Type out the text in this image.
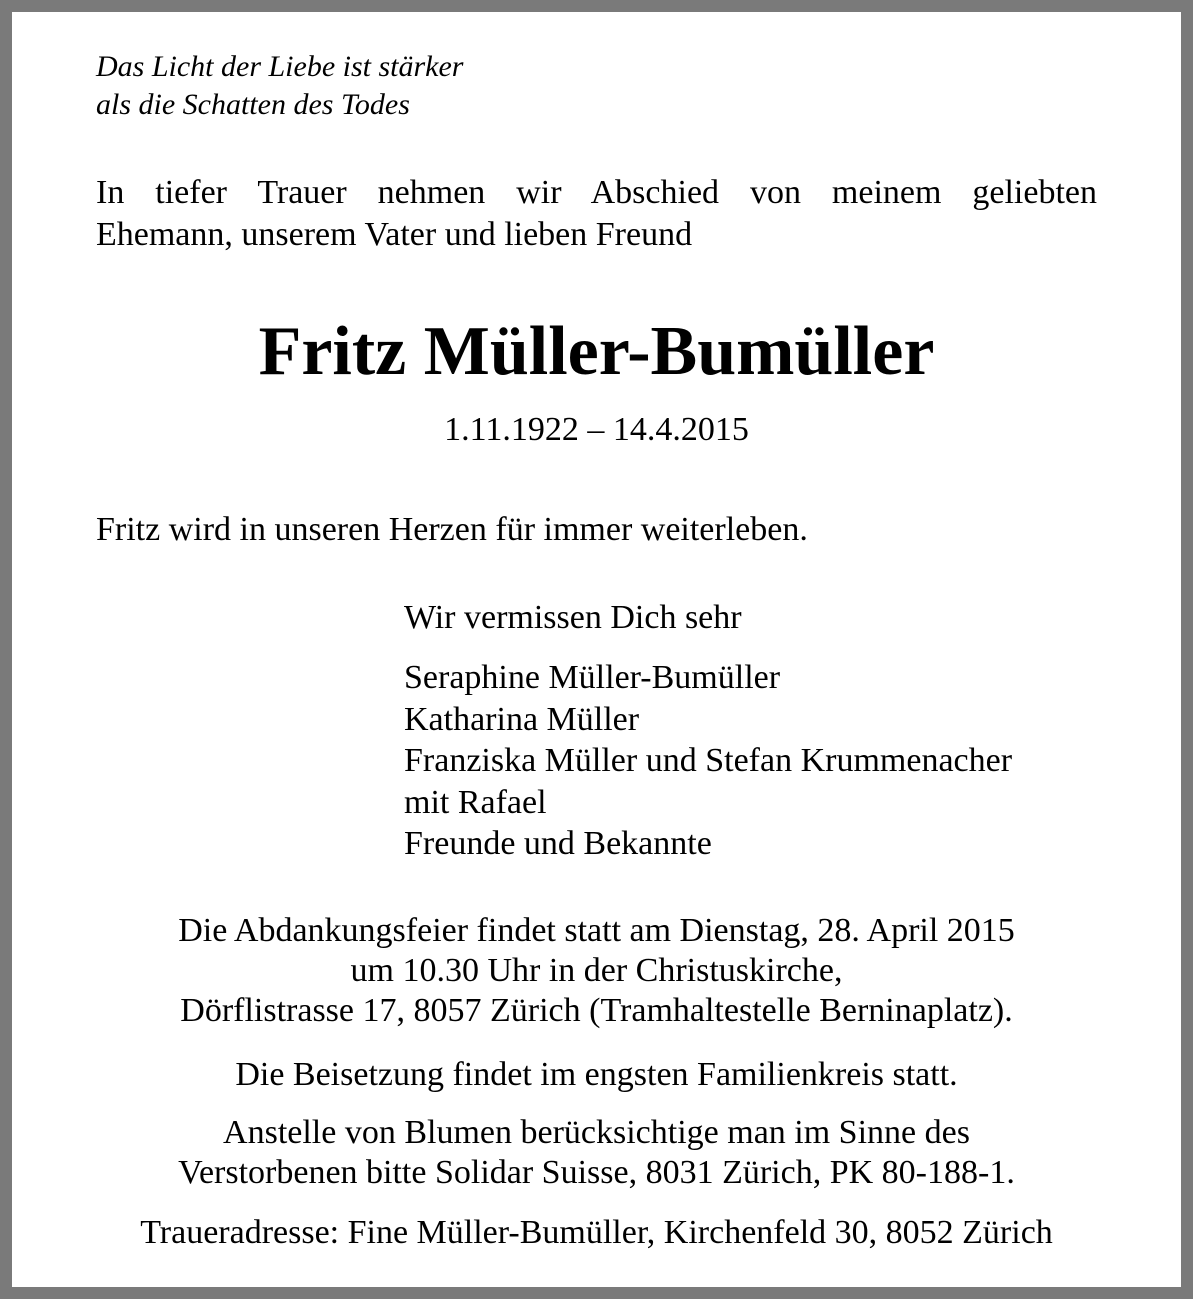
Das Licht der Liebe ist stärker
als die Schatten des Todes
In tiefer Trauer nehmen wir Abschied von meinem geliebten
Ehemann, unserem Vater und lieben Freund
Fritz Müller-Bumüller
1.11.1922 – 14.4.2015
Fritz wird in unseren Herzen für immer weiterleben.
Wir vermissen Dich sehr
Seraphine Müller-Bumüller
Katharina Müller
Franziska Müller und Stefan Krummenacher
mit Rafael
Freunde und Bekannte
Die Abdankungsfeier findet statt am Dienstag, 28. April 2015
um 10.30 Uhr in der Christuskirche,
Dörflistrasse 17, 8057 Zürich (Tramhaltestelle Berninaplatz).
Die Beisetzung findet im engsten Familienkreis statt.
Anstelle von Blumen berücksichtige man im Sinne des
Verstorbenen bitte Solidar Suisse, 8031 Zürich, PK 80-188-1.
Traueradresse: Fine Müller-Bumüller, Kirchenfeld 30, 8052 Zürich
